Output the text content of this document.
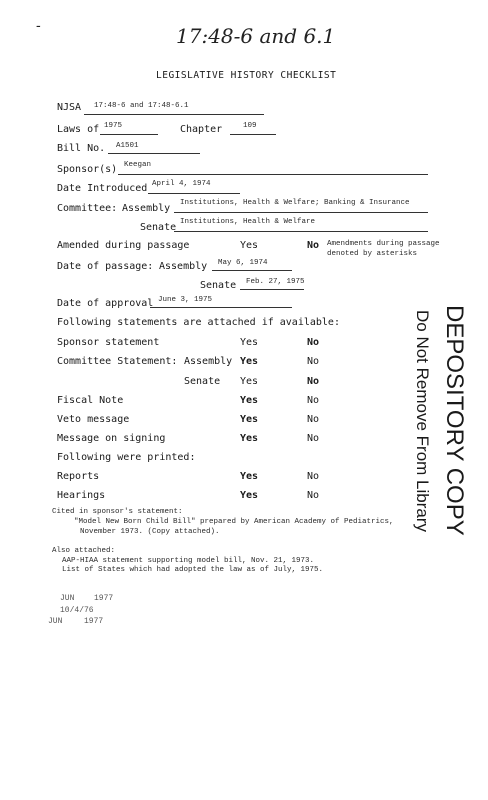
-	17:48-6 and 6.1
LEGISLATIVE HISTORY CHECKLIST
NJSA 17:48-6 and 17:48-6.1
Laws of 1975	Chapter	109
Bill No. A1501
Sponsor(s) Keegan
Date Introduced April 4, 1974
Committee: Assembly Institutions, Health & Welfare; Banking & Insurance
Senate Institutions, Health & Welfare
Amended during passage	Yes	No Amendments during passage
denoted by asterisks
Date of passage: Assembly May 6, 1974
Senate Feb. 27, 1975
Date of approval June 3, 1975
Following statements are attached if available:
Sponsor statement	Yes	No
Committee Statement: Assembly Yes	No
Senate Yes	No
Fiscal Note	Yes	No
Veto message	Yes	No
Message on signing	Yes	No
Following were printed:
Reports	Yes	No
Hearings	Yes	No
Cited in sponsor's statement:
"Model New Born Child Bill" prepared by American Academy of Pediatrics,
November 1973. (Copy attached).
Also attached:
AAP-HIAA statement supporting model bill, Nov. 21, 1973.
List of States which had adopted the law as of July, 1975.
JUN 1977
10/4/76
JUN	1977
DEPOSITORY COPY
Do Not Remove From Library
